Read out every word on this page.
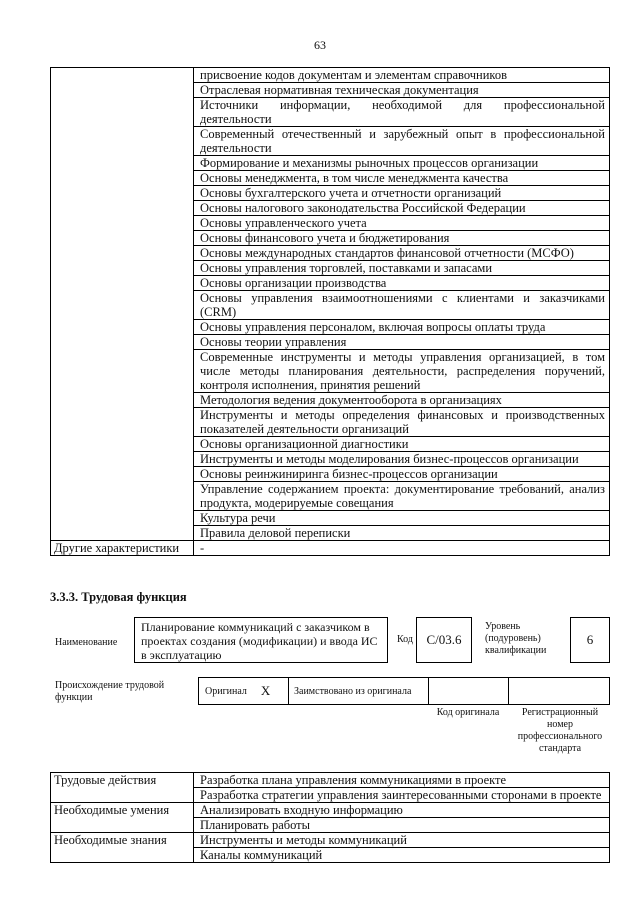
63
	присвоение кодов документам и элементам справочников
	Отраслевая нормативная техническая документация
	Источники информации, необходимой для профессиональной деятельности
	Современный отечественный и зарубежный опыт в профессиональной деятельности
	Формирование и механизмы рыночных процессов организации
	Основы менеджмента, в том числе менеджмента качества
	Основы бухгалтерского учета и отчетности организаций
	Основы налогового законодательства Российской Федерации
	Основы управленческого учета
	Основы финансового учета и бюджетирования
	Основы международных стандартов финансовой отчетности (МСФО)
	Основы управления торговлей, поставками и запасами
	Основы организации производства
	Основы управления взаимоотношениями с клиентами и заказчиками (CRM)
	Основы управления персоналом, включая вопросы оплаты труда
	Основы теории управления
	Современные инструменты и методы управления организацией, в том числе методы планирования деятельности, распределения поручений, контроля исполнения, принятия решений
	Методология ведения документооборота в организациях
	Инструменты и методы определения финансовых и производственных показателей деятельности организаций
	Основы организационной диагностики
	Инструменты и методы моделирования бизнес-процессов организации
	Основы реинжиниринга бизнес-процессов организации
	Управление содержанием проекта: документирование требований, анализ продукта, модерируемые совещания
	Культура речи
	Правила деловой переписки
Другие характеристики	-
3.3.3. Трудовая функция
Наименование
Планирование коммуникаций с заказчиком в проектах создания (модификации) и ввода ИС в эксплуатацию
Код C/03.6
Уровень (подуровень) квалификации
6
Происхождение трудовой функции
Оригинал X Заимствовано из оригинала
Код оригинала	Регистрационный номер профессионального стандарта
Трудовые действия	Разработка плана управления коммуникациями в проекте
	Разработка стратегии управления заинтересованными сторонами в проекте
Необходимые умения	Анализировать входную информацию
	Планировать работы
Необходимые знания	Инструменты и методы коммуникаций
	Каналы коммуникаций
